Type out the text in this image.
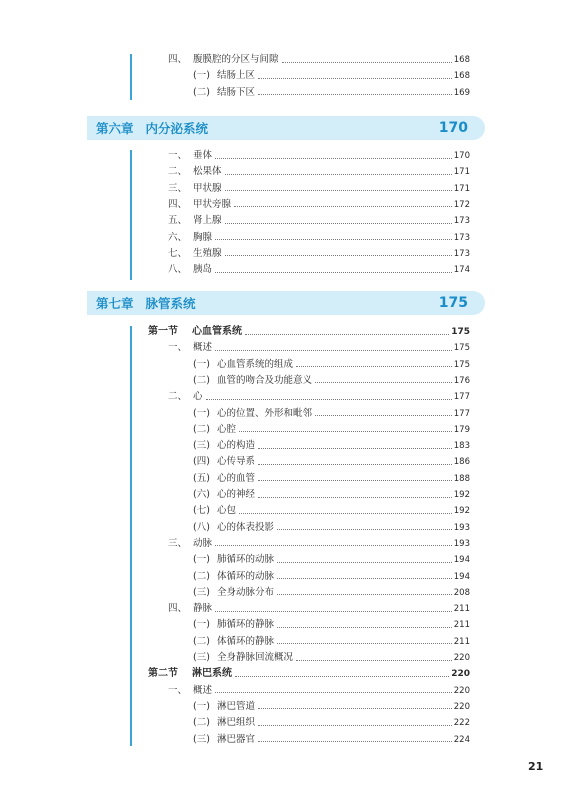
第六章 内分泌系统	170
第七章 脉管系统	175
四、 腹膜腔的分区与间隙	168
(一) 结肠上区	168
(二) 结肠下区	169
一、 垂体	170
二、 松果体	171
三、 甲状腺	171
四、 甲状旁腺	172
五、 肾上腺	173
六、 胸腺	173
七、 生殖腺	173
八、 胰岛	174
第一节	心血管系统	175
一、 概述	175
(一) 心血管系统的组成	175
(二) 血管的吻合及功能意义	176
二、 心	177
(一) 心的位置、外形和毗邻	177
(二) 心腔	179
(三) 心的构造	183
(四) 心传导系	186
(五) 心的血管	188
(六) 心的神经	192
(七) 心包	192
(八) 心的体表投影	193
三、 动脉	193
(一) 肺循环的动脉	194
(二) 体循环的动脉	194
(三) 全身动脉分布	208
四、 静脉	211
(一) 肺循环的静脉	211
(二) 体循环的静脉	211
(三) 全身静脉回流概况	220
第二节	淋巴系统	220
一、 概述	220
(一) 淋巴管道	220
(二) 淋巴组织	222
(三) 淋巴器官	224
21
